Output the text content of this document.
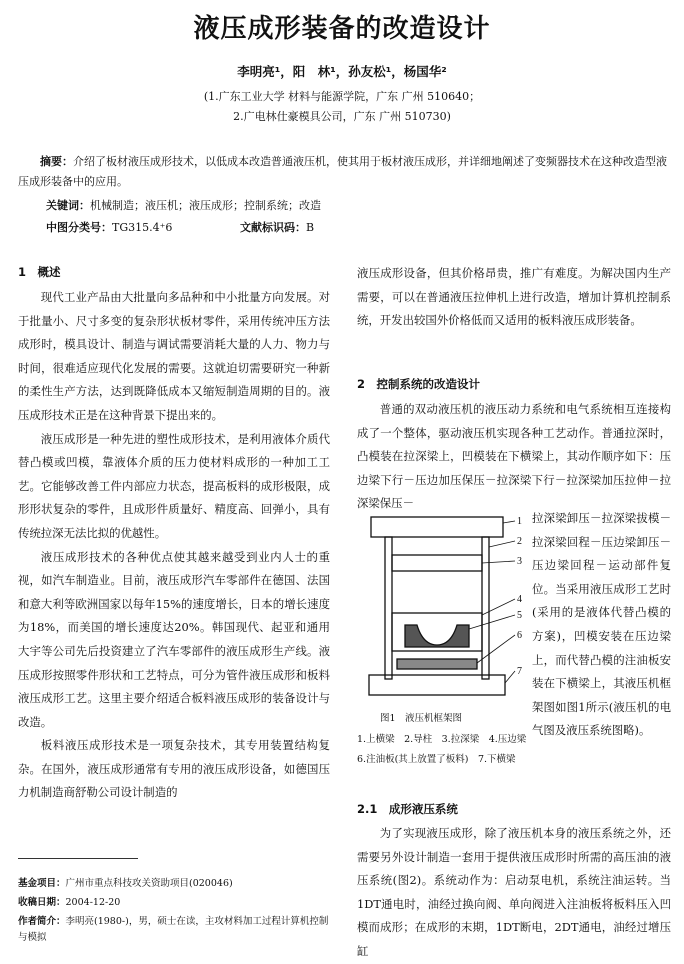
液压成形装备的改造设计
李明亮¹，阳　林¹，孙友松¹，杨国华²
(1.广东工业大学 材料与能源学院，广东 广州 510640；
2.广电林仕豪模具公司，广东 广州 510730)
摘要：介绍了板材液压成形技术，以低成本改造普通液压机，使其用于板材液压成形，并详细地阐述了变频器技术在这种改造型液压成形装备中的应用。
关键词：机械制造；液压机；液压成形；控制系统；改造
中图分类号：TG315.4⁺6	文献标识码：B
1　概述
现代工业产品由大批量向多品种和中小批量方向发展。对于批量小、尺寸多变的复杂形状板材零件，采用传统冲压方法成形时，模具设计、制造与调试需要消耗大量的人力、物力与时间，很难适应现代化发展的需要。这就迫切需要研究一种新的柔性生产方法，达到既降低成本又缩短制造周期的目的。液压成形技术正是在这种背景下提出来的。
液压成形是一种先进的塑性成形技术，是利用液体介质代替凸模或凹模，靠液体介质的压力使材料成形的一种加工工艺。它能够改善工件内部应力状态，提高板料的成形极限，成形形状复杂的零件，且成形件质量好、精度高、回弹小，具有传统拉深无法比拟的优越性。
液压成形技术的各种优点使其越来越受到业内人士的重视，如汽车制造业。目前，液压成形汽车零部件在德国、法国和意大利等欧洲国家以每年15%的速度增长，日本的增长速度为18%，而美国的增长速度达20%。韩国现代、起亚和通用大宇等公司先后投资建立了汽车零部件的液压成形生产线。液压成形按照零件形状和工艺特点，可分为管件液压成形和板料液压成形工艺。这里主要介绍适合板料液压成形的装备设计与改造。
板料液压成形技术是一项复杂技术，其专用装置结构复杂。在国外，液压成形通常有专用的液压成形设备，如德国压力机制造商舒勒公司设计制造的
液压成形设备，但其价格昂贵，推广有难度。为解决国内生产需要，可以在普通液压拉伸机上进行改造，增加计算机控制系统，开发出较国外价格低而又适用的板料液压成形装备。
2　控制系统的改造设计
普通的双动液压机的液压动力系统和电气系统相互连接构成了一个整体，驱动液压机实现各种工艺动作。普通拉深时，凸模装在拉深梁上，凹模装在下横梁上，其动作顺序如下：压边梁下行－压边加压保压－拉深梁下行－拉深梁加压拉伸－拉深梁保压－
拉深梁卸压－拉深梁拔模－拉深梁回程－压边梁卸压－压边梁回程－运动部件复位。当采用液压成形工艺时(采用的是液体代替凸模的方案)，凹模安装在压边梁上，而代替凸模的注油板安装在下横梁上，其液压机框架图如图1所示(液压机的电气图及液压系统图略)。
1
2
3
4
5
6
7
图1　液压机框架图
1.上横梁　2.导柱　3.拉深梁　4.压边梁　6.注油板(其上放置了板料)　7.下横梁
2.1　成形液压系统
为了实现液压成形，除了液压机本身的液压系统之外，还需要另外设计制造一套用于提供液压成形时所需的高压油的液压系统(图2)。系统动作为：启动泵电机，系统注油运转。当1DT通电时，油经过换向阀、单向阀进入注油板将板料压入凹模而成形；在成形的末期，1DT断电，2DT通电，油经过增压缸
基金项目：广州市重点科技攻关资助项目(020046)
收稿日期：2004-12-20
作者简介：李明亮(1980-)，男，硕士在读，主攻材料加工过程计算机控制与模拟
